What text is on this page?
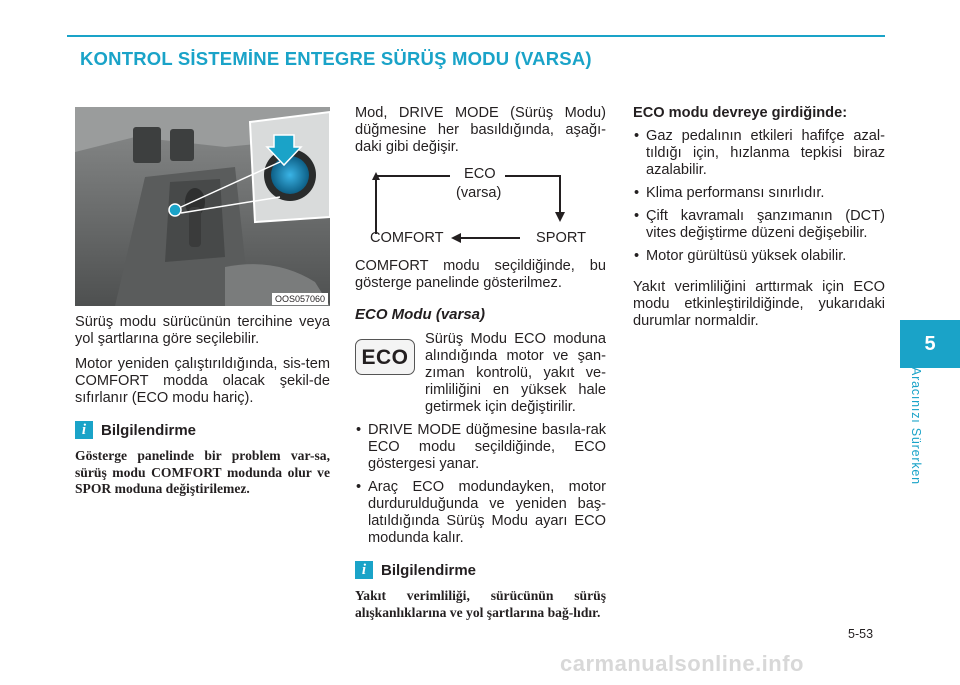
KONTROL SİSTEMİNE ENTEGRE SÜRÜŞ MODU (VARSA)
OOS057060

Sürüş modu sürücünün tercihine veya yol şartlarına göre seçilebilir.

Motor yeniden çalıştırıldığında, sis-tem COMFORT modda olacak şekil-de sıfırlanır (ECO modu hariç).

i Bilgilendirme

Gösterge panelinde bir problem var-sa, sürüş modu COMFORT modunda olur ve SPOR moduna değiştirilemez.

Mod, DRIVE MODE (Sürüş Modu) düğmesine her basıldığında, aşağı-daki gibi değişir.

ECO
(varsa)
COMFORT	SPORT

COMFORT modu seçildiğinde, bu gösterge panelinde gösterilmez.

ECO Modu (varsa)
ECO

Sürüş Modu ECO moduna alındığında motor ve şan-zıman kontrolü, yakıt ve-rimliliğini en yüksek hale getirmek için değiştirilir.

• DRIVE MODE düğmesine basıla-rak ECO modu seçildiğinde, ECO göstergesi yanar.
• Araç ECO modundayken, motor durdurulduğunda ve yeniden baş-latıldığında Sürüş Modu ayarı ECO modunda kalır.
i Bilgilendirme

Yakıt verimliliği, sürücünün sürüş alışkanlıklarına ve yol şartlarına bağ-lıdır.

ECO modu devreye girdiğinde:
• Gaz pedalının etkileri hafifçe azal-tıldığı için, hızlanma tepkisi biraz azalabilir.
• Klima performansı sınırlıdır.
• Çift kavramalı şanzımanın (DCT) vites değiştirme düzeni değişebilir.
• Motor gürültüsü yüksek olabilir.

Yakıt verimliliğini arttırmak için ECO modu etkinleştirildiğinde, yukarıdaki durumlar normaldir.

5
Aracınızı Sürerken
5-53
carmanualsonline.info
